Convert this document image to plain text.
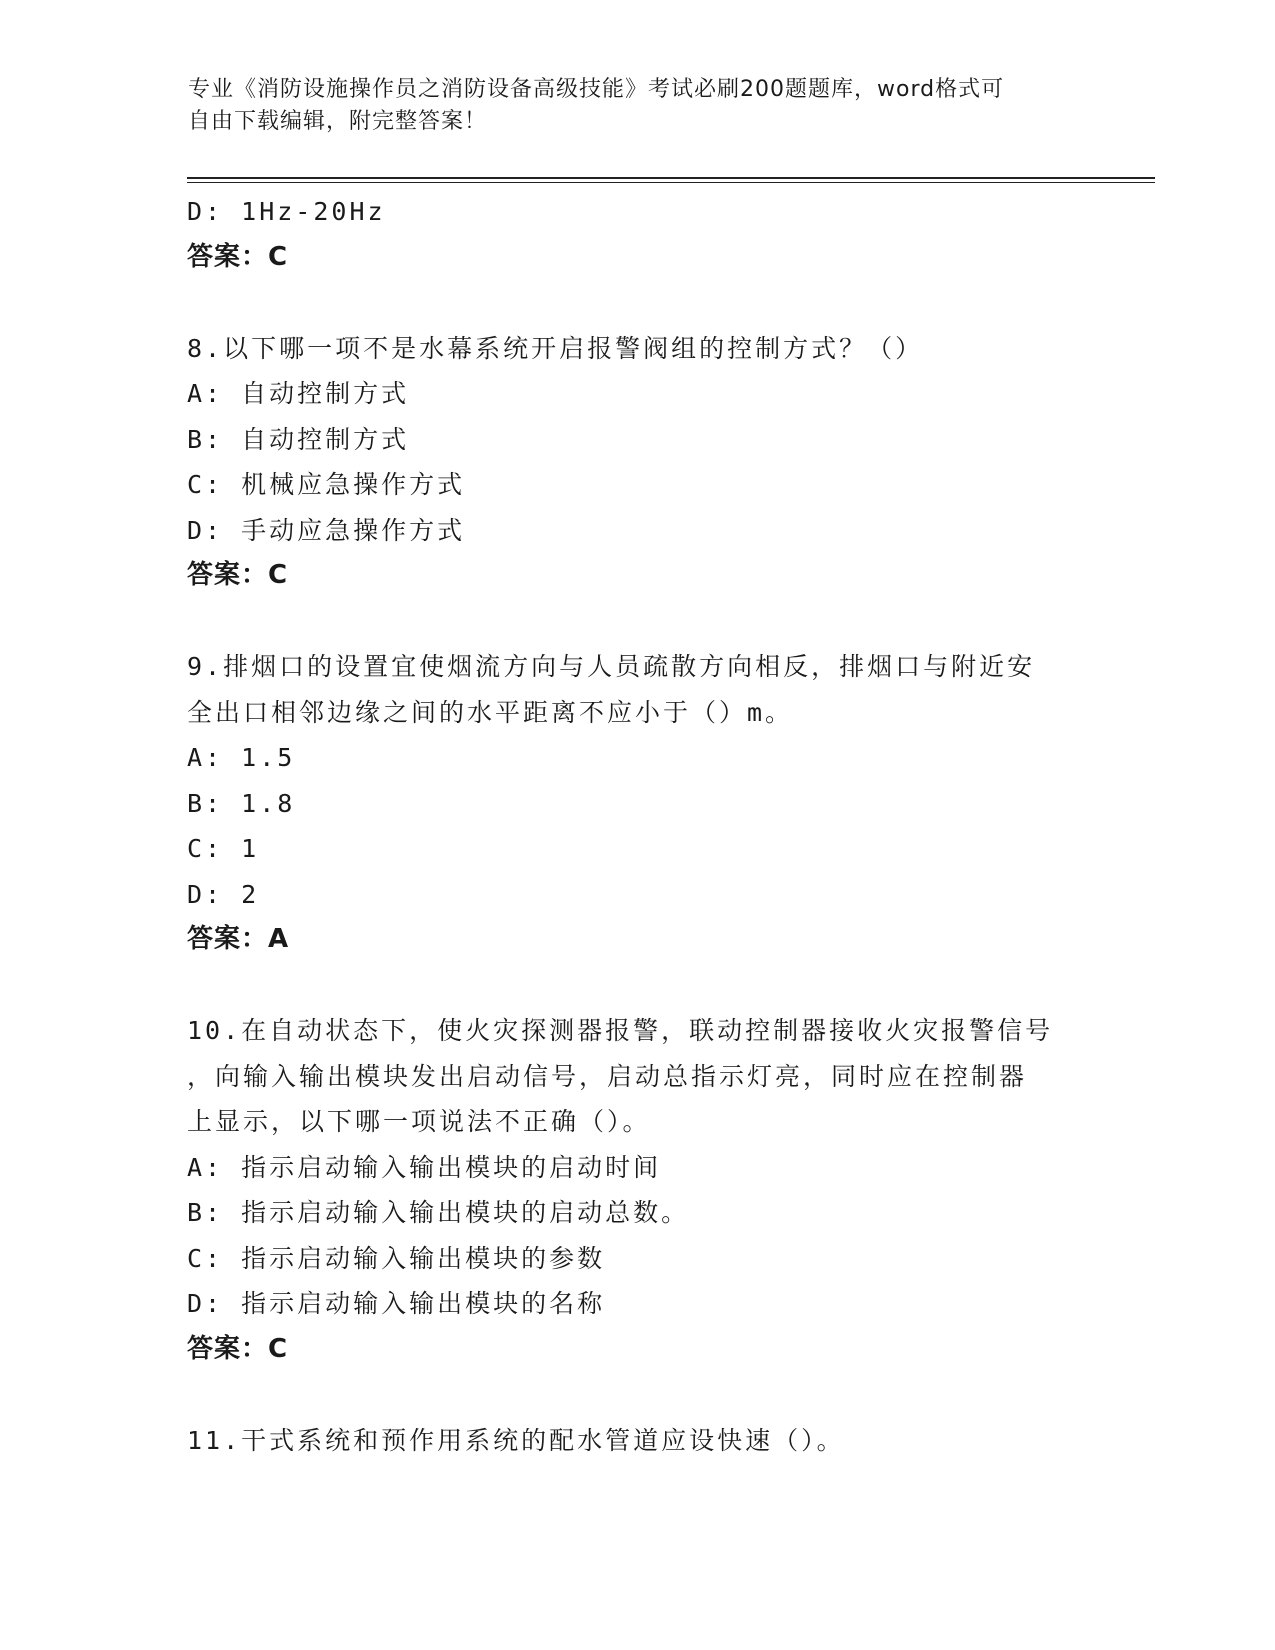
专业《消防设施操作员之消防设备高级技能》考试必刷200题题库，word格式可
自由下载编辑，附完整答案！
D: 1Hz-20Hz
答案：C
8.以下哪一项不是水幕系统开启报警阀组的控制方式？（）
A: 自动控制方式
B: 自动控制方式
C: 机械应急操作方式
D: 手动应急操作方式
答案：C
9.排烟口的设置宜使烟流方向与人员疏散方向相反，排烟口与附近安
全出口相邻边缘之间的水平距离不应小于（）m。
A: 1.5
B: 1.8
C: 1
D: 2
答案：A
10.在自动状态下，使火灾探测器报警，联动控制器接收火灾报警信号
，向输入输出模块发出启动信号，启动总指示灯亮，同时应在控制器
上显示，以下哪一项说法不正确（）。
A: 指示启动输入输出模块的启动时间
B: 指示启动输入输出模块的启动总数。
C: 指示启动输入输出模块的参数
D: 指示启动输入输出模块的名称
答案：C
11.干式系统和预作用系统的配水管道应设快速（）。
